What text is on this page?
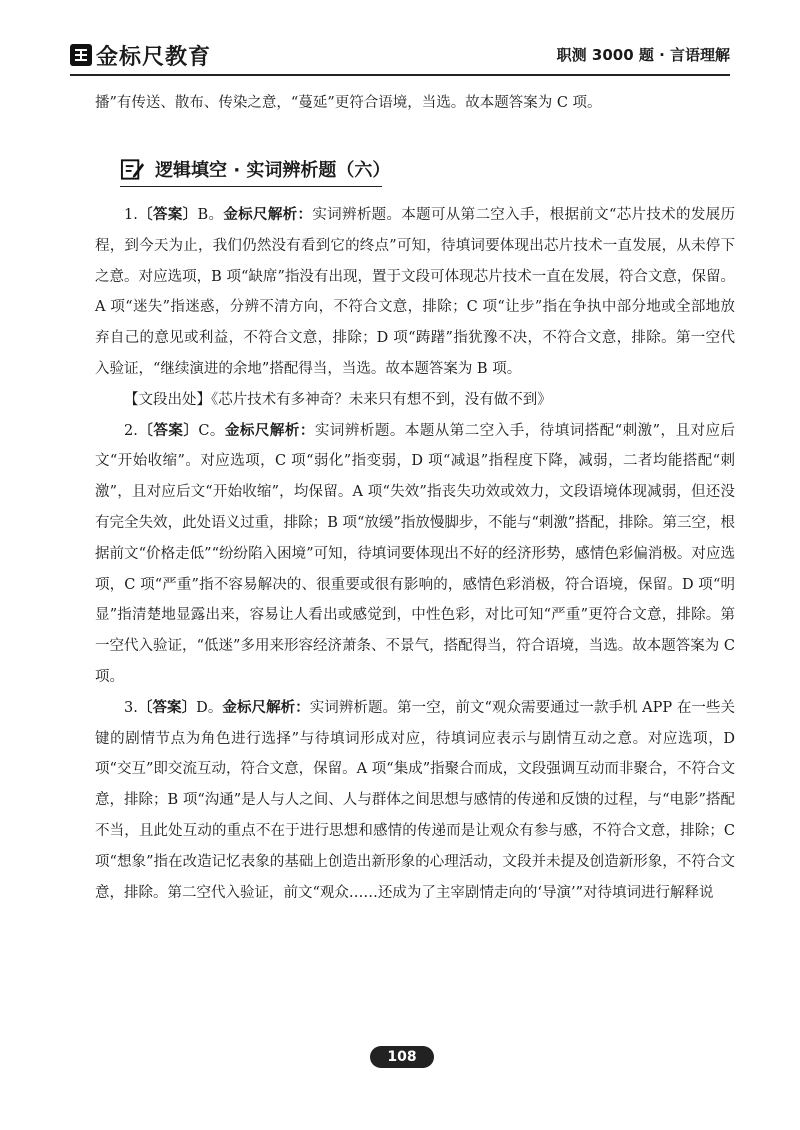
金标尺教育	职测 3000 题 · 言语理解

播”有传送、散布、传染之意，“蔓延”更符合语境，当选。故本题答案为 C 项。

逻辑填空 · 实词辨析题（六）

1.〔答案〕B。金标尺解析：实词辨析题。本题可从第二空入手，根据前文“芯片技术的发展历程，到今天为止，我们仍然没有看到它的终点”可知，待填词要体现出芯片技术一直发展，从未停下之意。对应选项，B 项“缺席”指没有出现，置于文段可体现芯片技术一直在发展，符合文意，保留。A 项“迷失”指迷惑，分辨不清方向，不符合文意，排除；C 项“让步”指在争执中部分地或全部地放弃自己的意见或利益，不符合文意，排除；D 项“踌躇”指犹豫不决，不符合文意，排除。第一空代入验证，“继续演进的余地”搭配得当，当选。故本题答案为 B 项。

【文段出处】《芯片技术有多神奇？未来只有想不到，没有做不到》

2.〔答案〕C。金标尺解析：实词辨析题。本题从第二空入手，待填词搭配“刺激”，且对应后文“开始收缩”。对应选项，C 项“弱化”指变弱，D 项“减退”指程度下降，减弱，二者均能搭配“刺激”，且对应后文“开始收缩”，均保留。A 项“失效”指丧失功效或效力，文段语境体现减弱，但还没有完全失效，此处语义过重，排除；B 项“放缓”指放慢脚步，不能与“刺激”搭配，排除。第三空，根据前文“价格走低”“纷纷陷入困境”可知，待填词要体现出不好的经济形势，感情色彩偏消极。对应选项，C 项“严重”指不容易解决的、很重要或很有影响的，感情色彩消极，符合语境，保留。D 项“明显”指清楚地显露出来，容易让人看出或感觉到，中性色彩，对比可知“严重”更符合文意，排除。第一空代入验证，“低迷”多用来形容经济萧条、不景气，搭配得当，符合语境，当选。故本题答案为 C 项。

3.〔答案〕D。金标尺解析：实词辨析题。第一空，前文“观众需要通过一款手机 APP 在一些关键的剧情节点为角色进行选择”与待填词形成对应，待填词应表示与剧情互动之意。对应选项，D 项“交互”即交流互动，符合文意，保留。A 项“集成”指聚合而成，文段强调互动而非聚合，不符合文意，排除；B 项“沟通”是人与人之间、人与群体之间思想与感情的传递和反馈的过程，与“电影”搭配不当，且此处互动的重点不在于进行思想和感情的传递而是让观众有参与感，不符合文意，排除；C 项“想象”指在改造记忆表象的基础上创造出新形象的心理活动，文段并未提及创造新形象，不符合文意，排除。第二空代入验证，前文“观众……还成为了主宰剧情走向的‘导演’”对待填词进行解释说

108
